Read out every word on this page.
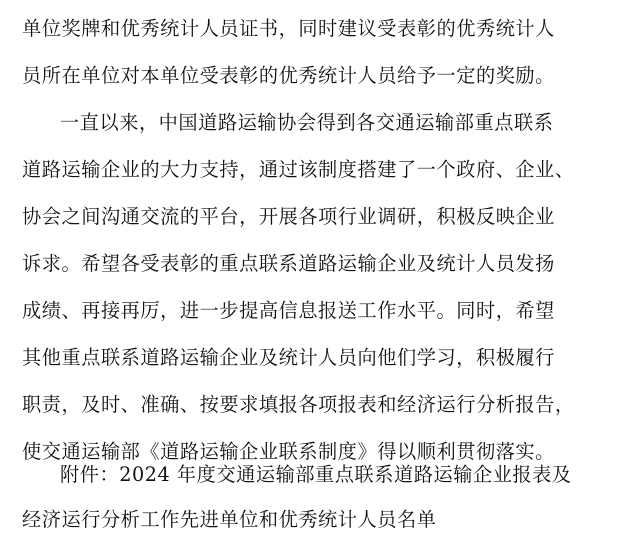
单位奖牌和优秀统计人员证书，同时建议受表彰的优秀统计人
员所在单位对本单位受表彰的优秀统计人员给予一定的奖励。
一直以来，中国道路运输协会得到各交通运输部重点联系
道路运输企业的大力支持，通过该制度搭建了一个政府、企业、
协会之间沟通交流的平台，开展各项行业调研，积极反映企业
诉求。希望各受表彰的重点联系道路运输企业及统计人员发扬
成绩、再接再厉，进一步提高信息报送工作水平。同时，希望
其他重点联系道路运输企业及统计人员向他们学习，积极履行
职责，及时、准确、按要求填报各项报表和经济运行分析报告，
使交通运输部《道路运输企业联系制度》得以顺利贯彻落实。
附件：2024 年度交通运输部重点联系道路运输企业报表及
经济运行分析工作先进单位和优秀统计人员名单
